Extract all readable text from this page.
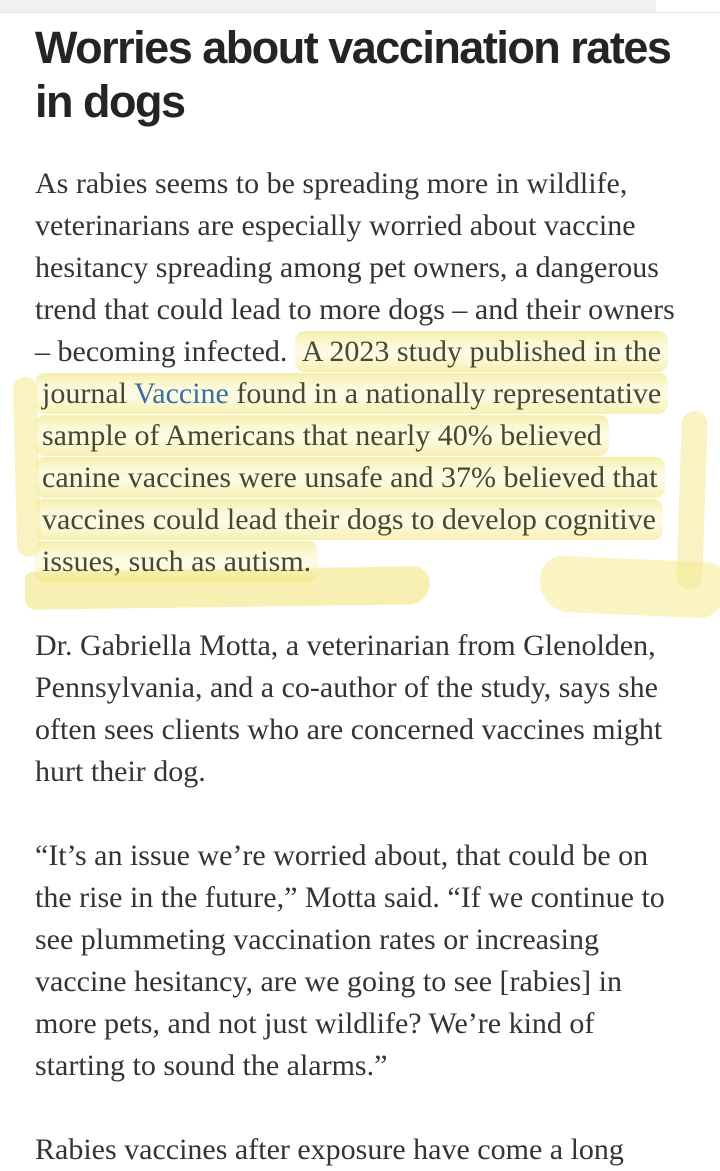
Worries about vaccination rates in dogs

As rabies seems to be spreading more in wildlife, veterinarians are especially worried about vaccine hesitancy spreading among pet owners, a dangerous trend that could lead to more dogs – and their owners – becoming infected. A 2023 study published in the journal Vaccine found in a nationally representative sample of Americans that nearly 40% believed canine vaccines were unsafe and 37% believed that vaccines could lead their dogs to develop cognitive issues, such as autism.

Dr. Gabriella Motta, a veterinarian from Glenolden, Pennsylvania, and a co-author of the study, says she often sees clients who are concerned vaccines might hurt their dog.

“It’s an issue we’re worried about, that could be on the rise in the future,” Motta said. “If we continue to see plummeting vaccination rates or increasing vaccine hesitancy, are we going to see [rabies] in more pets, and not just wildlife? We’re kind of starting to sound the alarms.”

Rabies vaccines after exposure have come a long
